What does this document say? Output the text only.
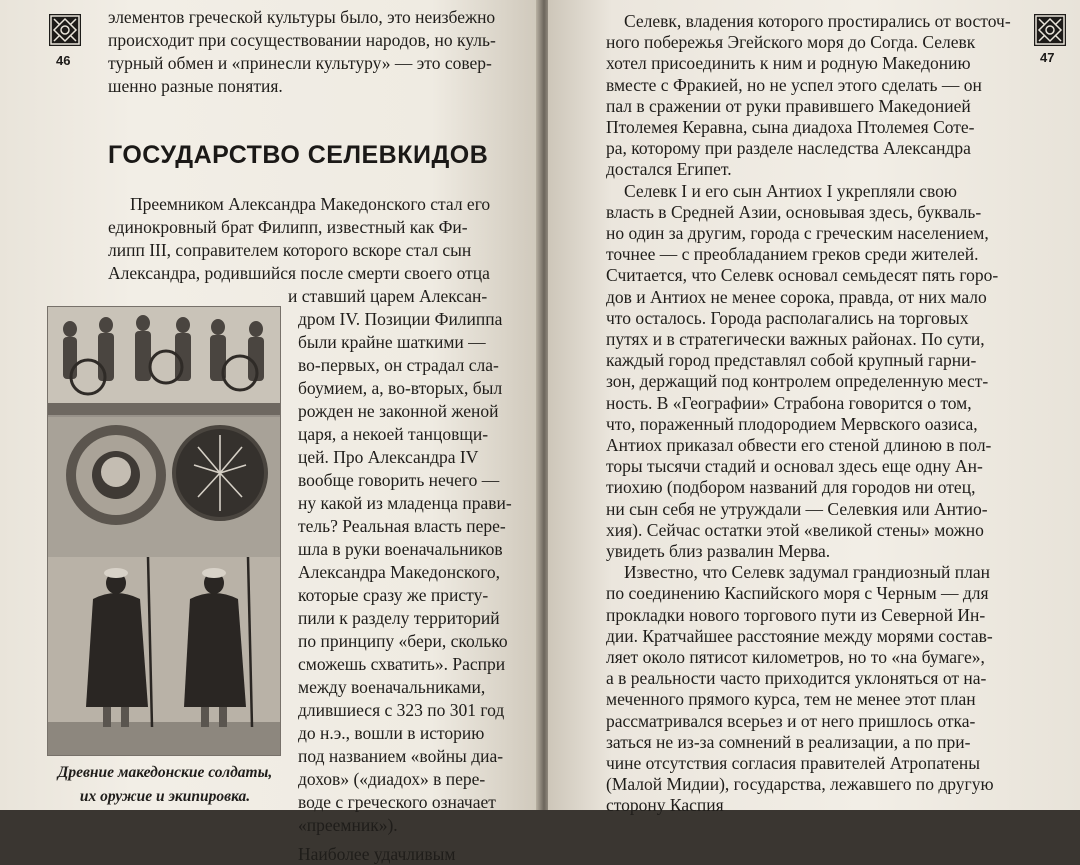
46
элементов греческой культуры было, это неизбежно
происходит при сосуществовании народов, но куль-
турный обмен и «принесли культуру» — это совер-
шенно разные понятия.
ГОСУДАРСТВО СЕЛЕВКИДОВ
Преемником Александра Македонского стал его
единокровный брат Филипп, известный как Фи-
липп III, соправителем которого вскоре стал сын
Александра, родившийся после смерти своего отца
и ставший царем Алексан-
дром IV. Позиции Филиппа
были крайне шаткими —
во-первых, он страдал сла-
боумием, а, во-вторых, был
рожден не законной женой
царя, а некоей танцовщи-
цей. Про Александра IV
вообще говорить нечего —
ну какой из младенца прави-
тель? Реальная власть пере-
шла в руки военачальников
Александра Македонского,
которые сразу же присту-
пили к разделу территорий
по принципу «бери, сколько
сможешь схватить». Распри
между военачальниками,
длившиеся с 323 по 301 год
до н.э., вошли в историю
под названием «войны диа-
дохов» («диадох» в пере-
воде с греческого означает
«преемник»).
Наиболее удачливым
Древние македонские солдаты,
их оружие и экипировка.
47
Селевк, владения которого простирались от восточ-
ного побережья Эгейского моря до Согда. Селевк
хотел присоединить к ним и родную Македонию
вместе с Фракией, но не успел этого сделать — он
пал в сражении от руки правившего Македонией
Птолемея Керавна, сына диадоха Птолемея Сотe-
ра, которому при разделе наследства Александра
достался Египет.
Селевк I и его сын Антиох I укрепляли свою
власть в Средней Азии, основывая здесь, букваль-
но один за другим, города с греческим населением,
точнее — с преобладанием греков среди жителей.
Считается, что Селевк основал семьдесят пять горо-
дов и Антиох не менее сорока, правда, от них мало
что осталось. Города располагались на торговых
путях и в стратегически важных районах. По сути,
каждый город представлял собой крупный гарни-
зон, держащий под контролем определенную мест-
ность. В «Географии» Страбона говорится о том,
что, пораженный плодородием Мервского оазиса,
Антиох приказал обвести его стеной длиною в пол-
торы тысячи стадий и основал здесь еще одну Ан-
тиохию (подбором названий для городов ни отец,
ни сын себя не утруждали — Селевкия или Антио-
хия). Сейчас остатки этой «великой стены» можно
увидеть близ развалин Мерва.
Известно, что Селевк задумал грандиозный план
по соединению Каспийского моря с Черным — для
прокладки нового торгового пути из Северной Ин-
дии. Кратчайшее расстояние между морями состав-
ляет около пятисот километров, но то «на бумаге»,
а в реальности часто приходится уклоняться от на-
меченного прямого курса, тем не менее этот план
рассматривался всерьез и от него пришлось отка-
заться не из-за сомнений в реализации, а по при-
чине отсутствия согласия правителей Атропатены
(Малой Мидии), государства, лежавшего по другую
сторону Каспия
